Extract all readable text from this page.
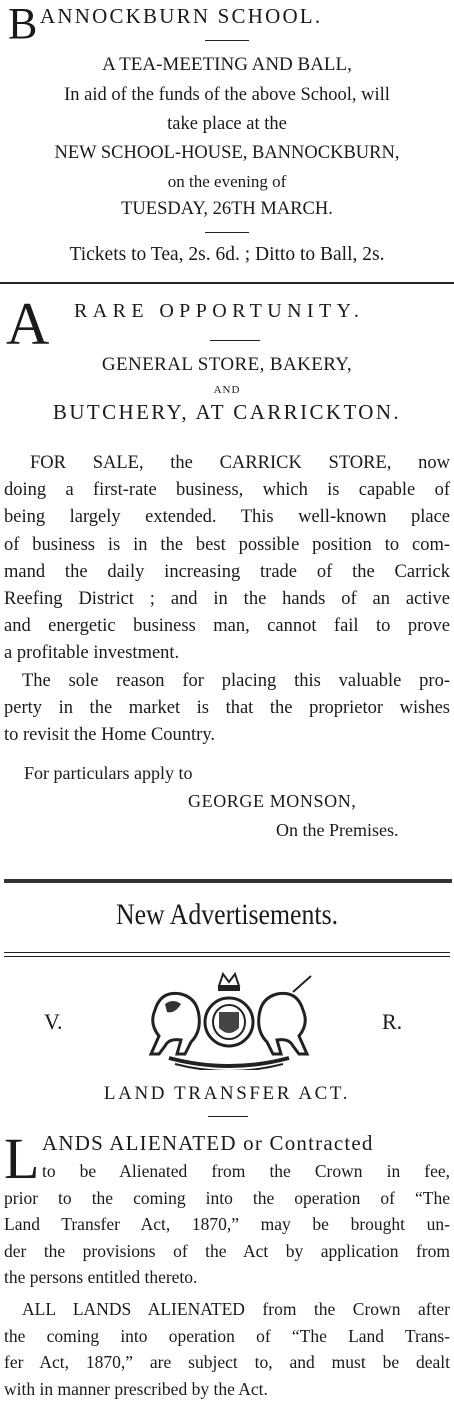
B ANNOCKBURN SCHOOL.
A TEA-MEETING AND BALL,
In aid of the funds of the above School, will
take place at the
NEW SCHOOL-HOUSE, BANNOCKBURN,
on the evening of
TUESDAY, 26TH MARCH.
Tickets to Tea, 2s. 6d. ; Ditto to Ball, 2s.
A RARE OPPORTUNITY.
GENERAL STORE, BAKERY,
AND
BUTCHERY, AT CARRICKTON.
FOR SALE, the CARRICK STORE, now
doing a first-rate business, which is capable of
being largely extended. This well-known place
of business is in the best possible position to com-
mand the daily increasing trade of the Carrick
Reefing District ; and in the hands of an active
and energetic business man, cannot fail to prove
a profitable investment.
The sole reason for placing this valuable pro-
perty in the market is that the proprietor wishes
to revisit the Home Country.
For particulars apply to
GEORGE MONSON,
On the Premises.
New Advertisements.
V.	R.
LAND TRANSFER ACT.
L ANDS ALIENATED or Contracted
to be Alienated from the Crown in fee,
prior to the coming into the operation of “The
Land Transfer Act, 1870,” may be brought un-
der the provisions of the Act by application from
the persons entitled thereto.
ALL LANDS ALIENATED from the Crown after
the coming into operation of “The Land Trans-
fer Act, 1870,” are subject to, and must be dealt
with in manner prescribed by the Act.
